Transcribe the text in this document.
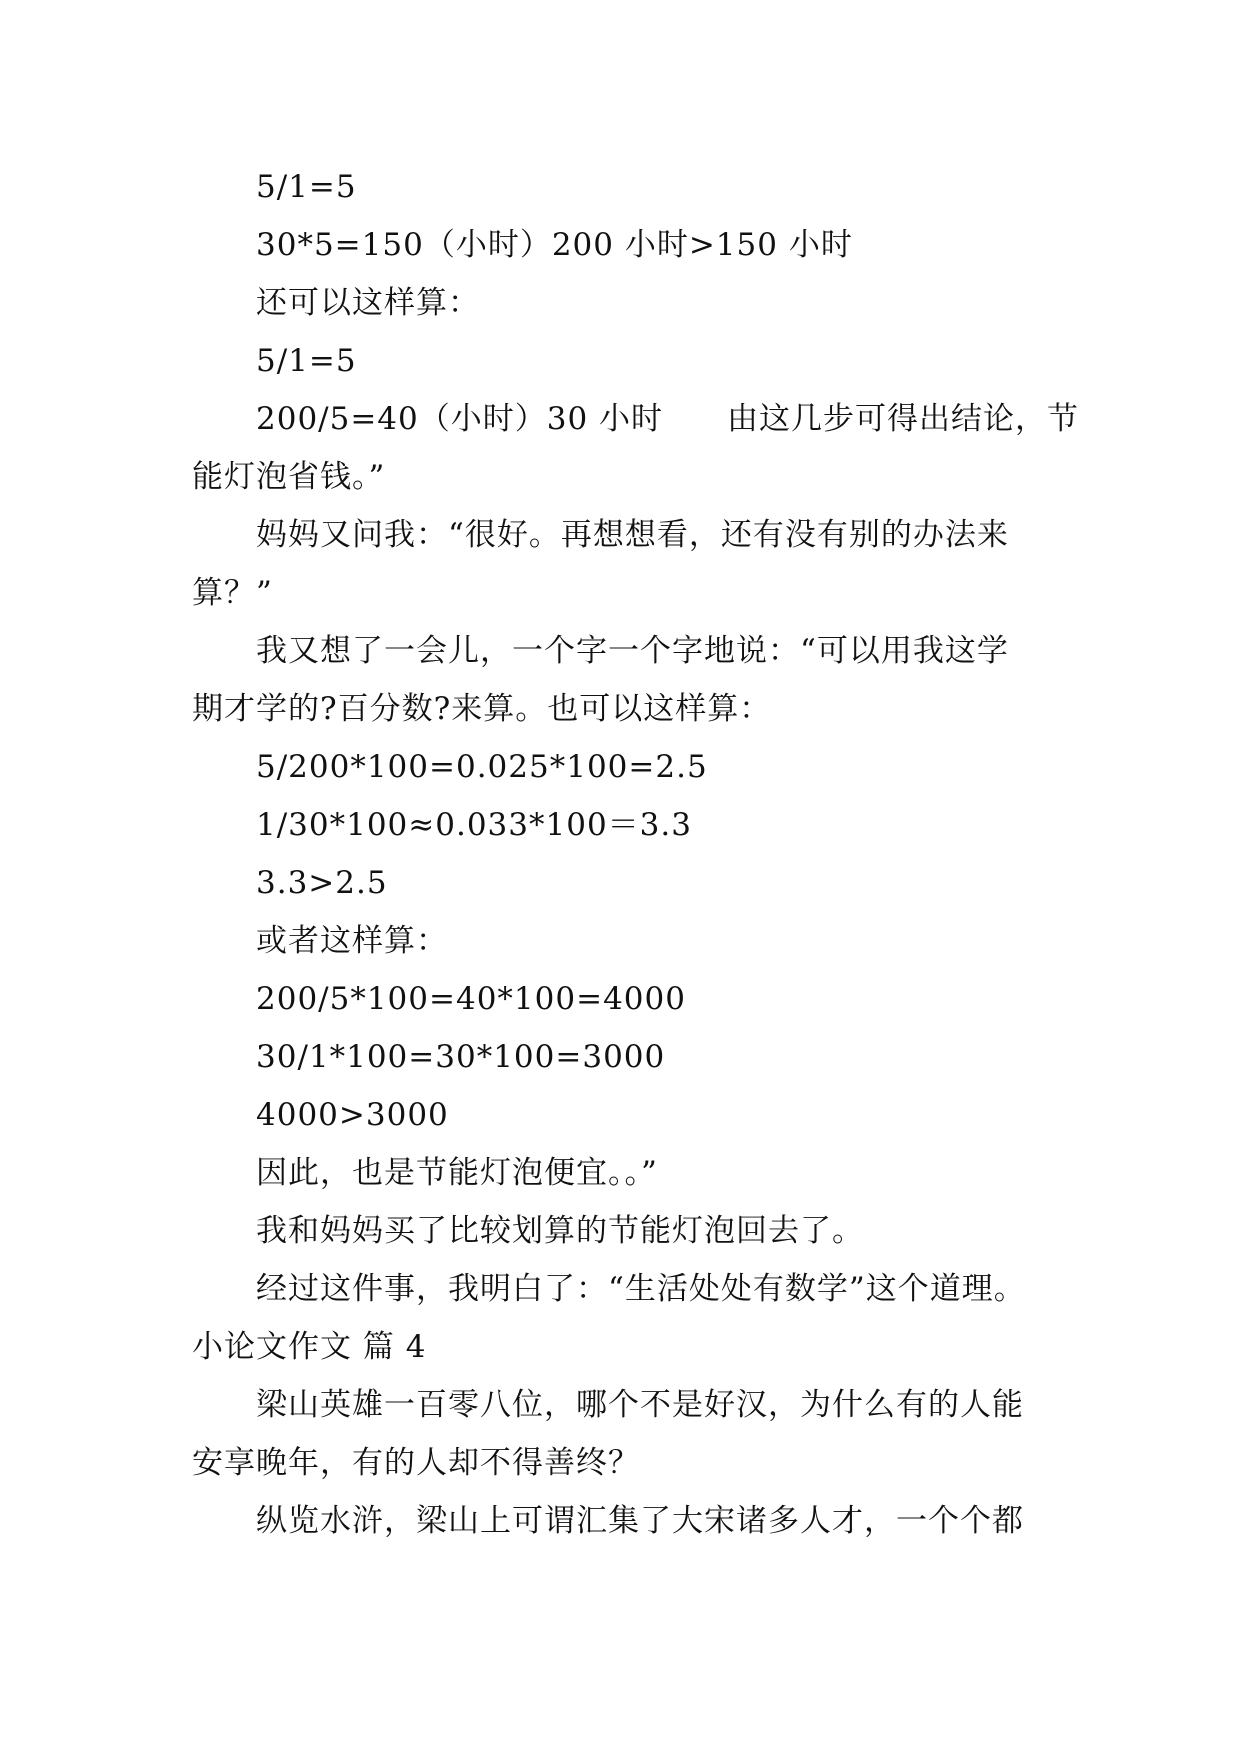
5/1=5
30*5=150（小时）200 小时>150 小时
还可以这样算：
5/1=5
200/5=40（小时）30 小时　　由这几步可得出结论，节
能灯泡省钱。”
妈妈又问我：“很好。再想想看，还有没有别的办法来
算？”
我又想了一会儿，一个字一个字地说：“可以用我这学
期才学的?百分数?来算。也可以这样算：
5/200*100=0.025*100=2.5
1/30*100≈0.033*100＝3.3
3.3>2.5
或者这样算：
200/5*100=40*100=4000
30/1*100=30*100=3000
4000>3000
因此，也是节能灯泡便宜。。”
我和妈妈买了比较划算的节能灯泡回去了。
经过这件事，我明白了：“生活处处有数学”这个道理。
小论文作文 篇 4
梁山英雄一百零八位，哪个不是好汉，为什么有的人能
安享晚年，有的人却不得善终？
纵览水浒，梁山上可谓汇集了大宋诸多人才，一个个都
